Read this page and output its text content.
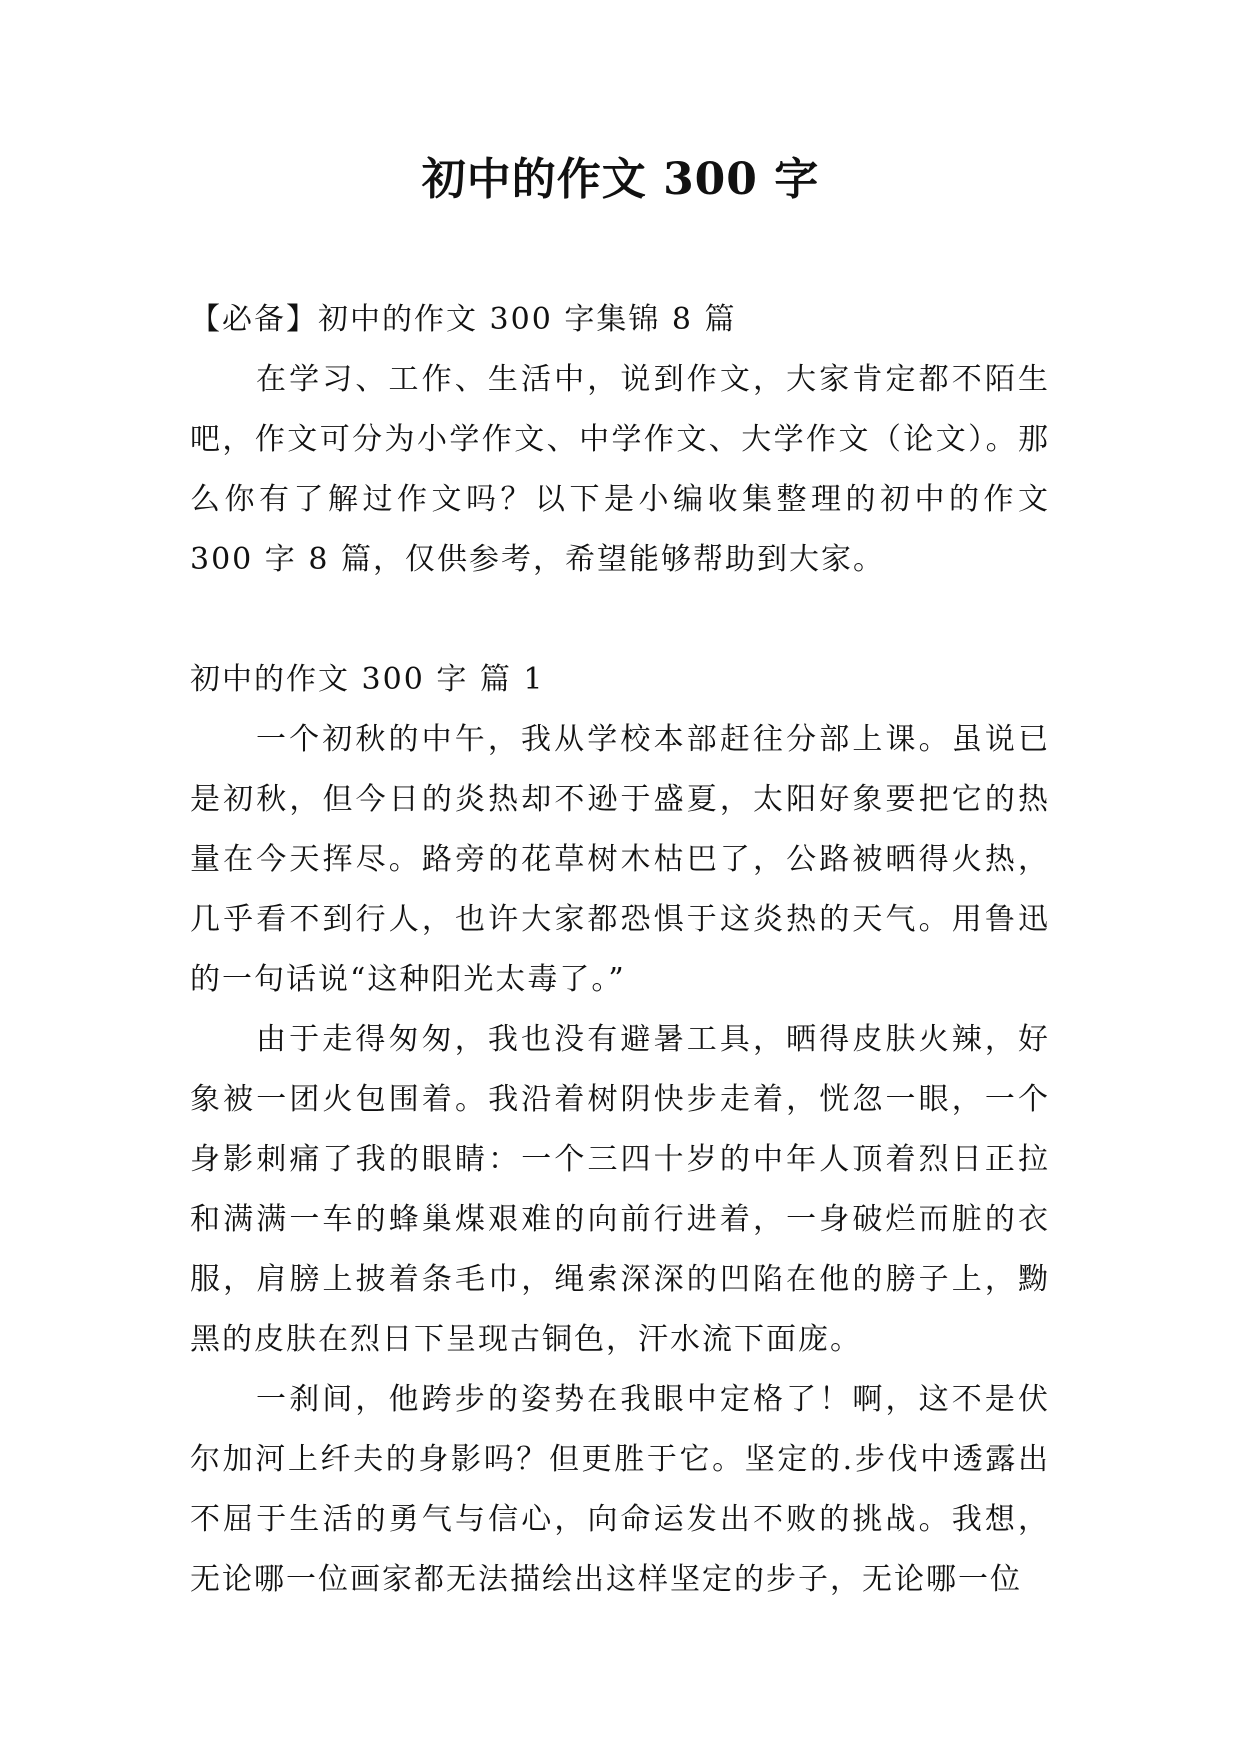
初中的作文 300 字

【必备】初中的作文 300 字集锦 8 篇

在学习、工作、生活中，说到作文，大家肯定都不陌生吧，作文可分为小学作文、中学作文、大学作文（论文）。那么你有了解过作文吗？以下是小编收集整理的初中的作文 300 字 8 篇，仅供参考，希望能够帮助到大家。

初中的作文 300 字 篇 1

一个初秋的中午，我从学校本部赶往分部上课。虽说已是初秋，但今日的炎热却不逊于盛夏，太阳好象要把它的热量在今天挥尽。路旁的花草树木枯巴了，公路被晒得火热，几乎看不到行人，也许大家都恐惧于这炎热的天气。用鲁迅的一句话说“这种阳光太毒了。”

由于走得匆匆，我也没有避暑工具，晒得皮肤火辣，好象被一团火包围着。我沿着树阴快步走着，恍忽一眼，一个身影刺痛了我的眼睛：一个三四十岁的中年人顶着烈日正拉和满满一车的蜂巢煤艰难的向前行进着，一身破烂而脏的衣服，肩膀上披着条毛巾，绳索深深的凹陷在他的膀子上，黝黑的皮肤在烈日下呈现古铜色，汗水流下面庞。

一刹间，他跨步的姿势在我眼中定格了！啊，这不是伏尔加河上纤夫的身影吗？但更胜于它。坚定的.步伐中透露出不屈于生活的勇气与信心，向命运发出不败的挑战。我想，无论哪一位画家都无法描绘出这样坚定的步子，无论哪一位
